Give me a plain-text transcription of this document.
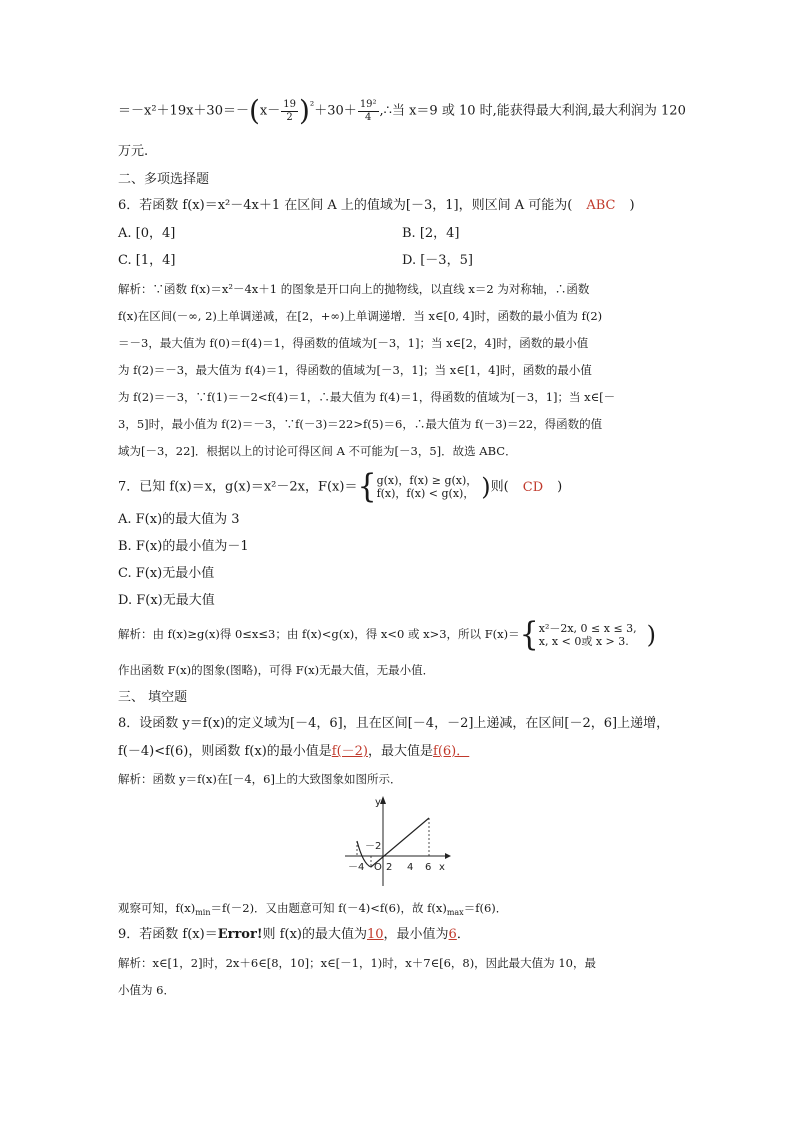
$=-x^2+19x+30=-(x- \frac{19}{2} )^{^2}+30+ \frac{\text{19²}}{4}$ ,∴当 x＝9 或 10 时,能获得最大利润,最大利润为 120
万元.
二、多项选择题
6．若函数 f(x)＝x²－4x＋1 在区间 A 上的值域为[－3，1]，则区间 A 可能为( ABC )
A. [0，4]	B. [2，4]
C. [1，4]	D. [－3，5]
解析：∵函数 f(x)＝x²－4x＋1 的图象是开口向上的抛物线，以直线 x＝2 为对称轴，∴函数
f(x)在区间(－∞, 2)上单调递减，在[2，+∞)上单调递增．当 x∈[0, 4]时，函数的最小值为 f(2)
＝－3，最大值为 f(0)＝f(4)＝1，得函数的值域为[－3，1]；当 x∈[2，4]时，函数的最小值
为 f(2)＝－3，最大值为 f(4)＝1，得函数的值域为[－3，1]；当 x∈[1，4]时，函数的最小值
为 f(2)＝－3，∵f(1)＝－2<f(4)＝1，∴最大值为 f(4)＝1，得函数的值域为[－3，1]；当 x∈[－
3，5]时，最小值为 f(2)＝－3，∵f(－3)＝22>f(5)＝6，∴最大值为 f(－3)＝22，得函数的值
域为[－3，22]．根据以上的讨论可得区间 A 不可能为[－3，5]．故选 ABC．
7．已知 f(x)＝x，g(x)＝x²－2x，F(x)＝{g(x)，f(x) ≥ g(x)，
f(x)，f(x) < g(x)， )则( CD )
A. F(x)的最大值为 3
B. F(x)的最小值为－1
C. F(x)无最小值
D. F(x)无最大值
解析：由 f(x)≥g(x)得 0≤x≤3；由 f(x)<g(x)，得 x<0 或 x>3，所以 F(x)＝{x²－2x, 0 ≤ x ≤ 3,
x, x < 0或 x > 3. )
作出函数 F(x)的图象(图略)，可得 F(x)无最大值，无最小值．
三、 填空题
8．设函数 y＝f(x)的定义域为[－4，6]，且在区间[－4，－2]上递减，在区间[－2，6]上递增，
f(－4)<f(6)，则函数 f(x)的最小值是f(－2)，最大值是f(6)．
解析：函数 y＝f(x)在[－4，6]上的大致图象如图所示．
y
x
－2
－4 O 2 4 6
观察可知，$f(x)_{min}=f(-2)$．又由题意可知 f(－4)<f(6)，故 $f(x)_{max}=f(6)$．
9．若函数 f(x)＝Error!则 f(x)的最大值为10，最小值为6．
解析：x∈[1，2]时，2x＋6∈[8，10]；x∈[－1，1)时，x＋7∈[6，8)，因此最大值为 10，最
小值为 6．
